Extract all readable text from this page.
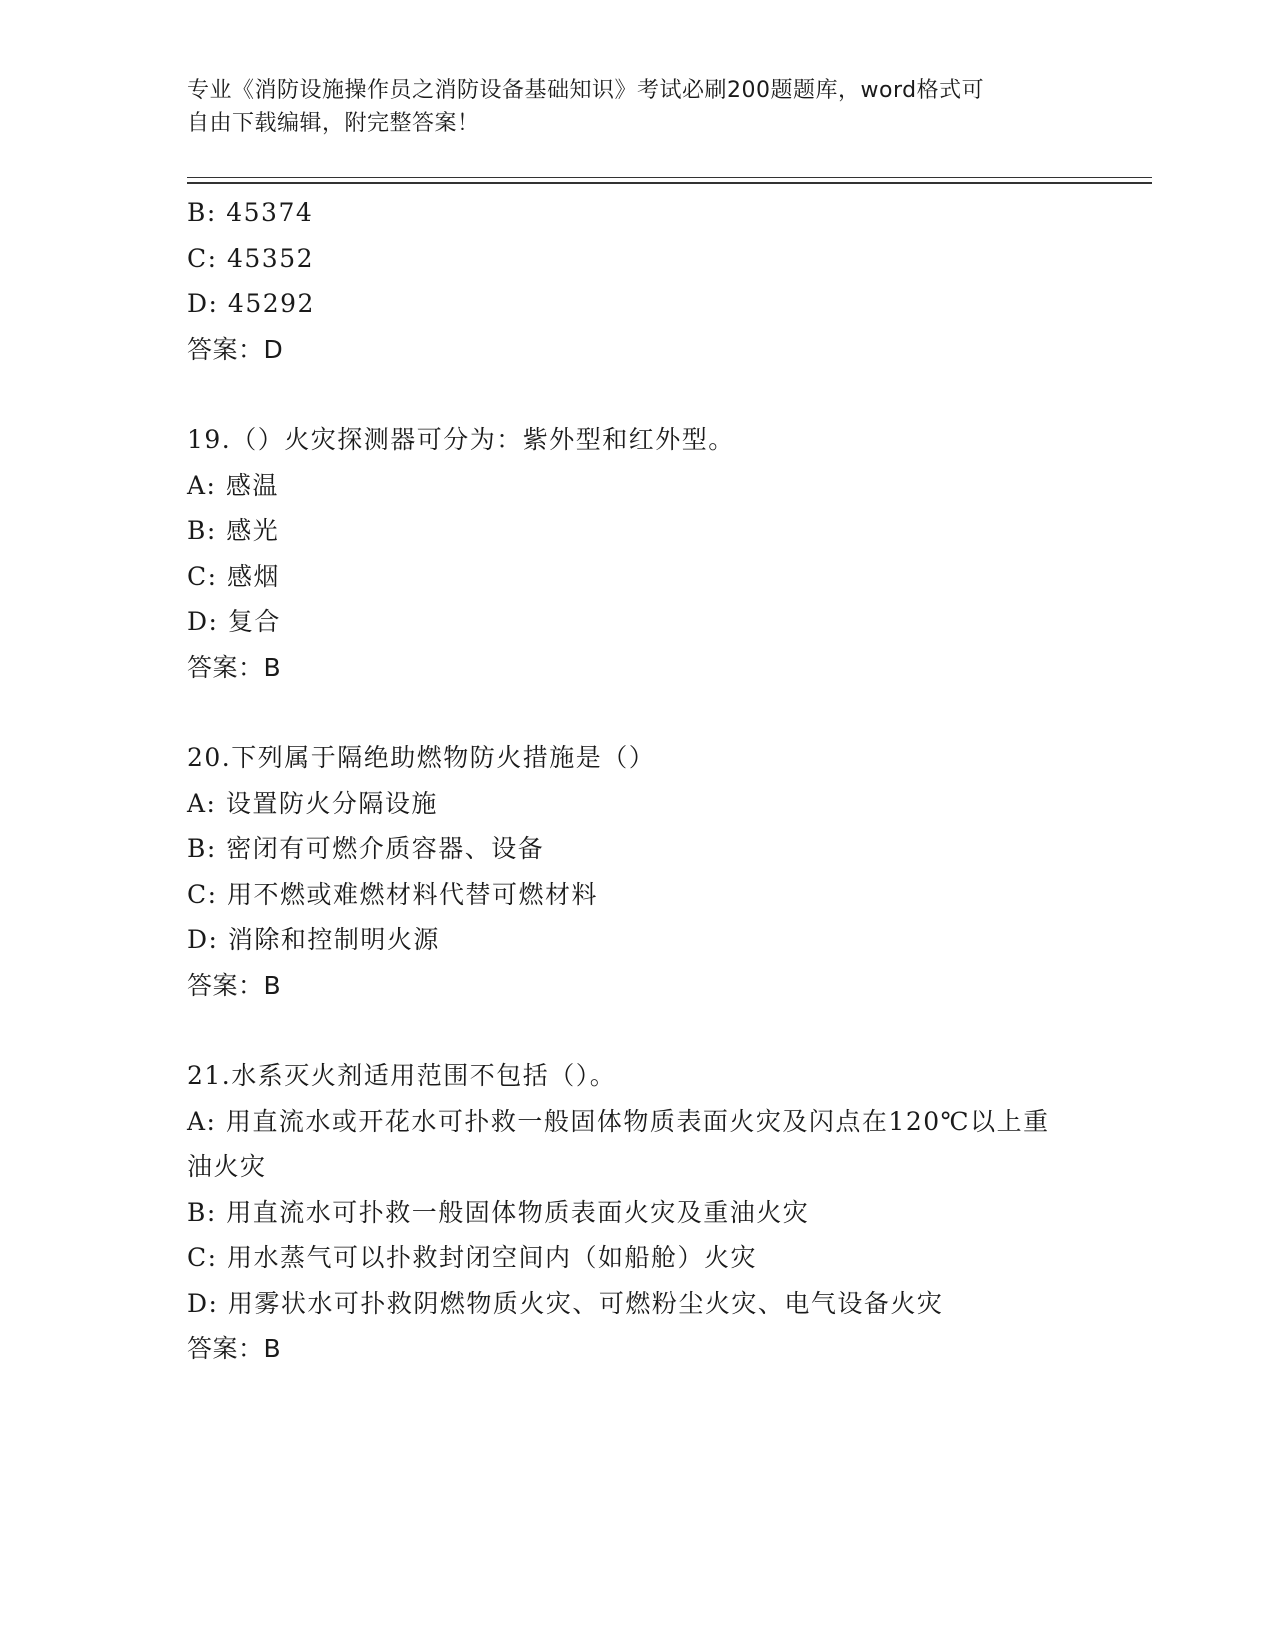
专业《消防设施操作员之消防设备基础知识》考试必刷200题题库，word格式可
自由下载编辑，附完整答案！
B: 45374
C: 45352
D: 45292
答案：D
19.（）火灾探测器可分为：紫外型和红外型。
A: 感温
B: 感光
C: 感烟
D: 复合
答案：B
20.下列属于隔绝助燃物防火措施是（）
A: 设置防火分隔设施
B: 密闭有可燃介质容器、设备
C: 用不燃或难燃材料代替可燃材料
D: 消除和控制明火源
答案：B
21.水系灭火剂适用范围不包括（）。
A: 用直流水或开花水可扑救一般固体物质表面火灾及闪点在120℃以上重油火灾
B: 用直流水可扑救一般固体物质表面火灾及重油火灾
C: 用水蒸气可以扑救封闭空间内（如船舱）火灾
D: 用雾状水可扑救阴燃物质火灾、可燃粉尘火灾、电气设备火灾
答案：B
